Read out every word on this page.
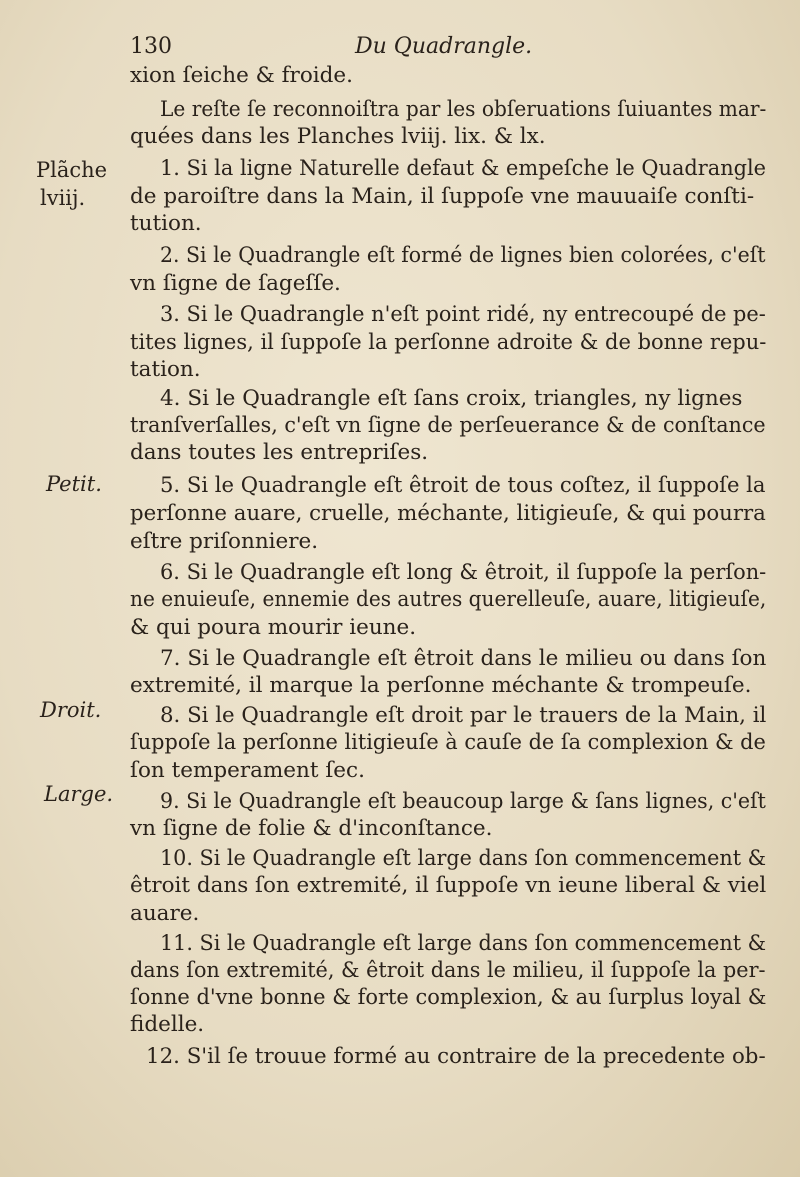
130	Du Quadrangle.
Plãche
lviij.
Petit.
Droit.
Large.
xion ſeiche & froide.
Le reſte ſe reconnoiſtra par les obſeruations ſuiuantes mar-
quées dans les Planches lviij. lix. & lx.
1. Si la ligne Naturelle defaut & empeſche le Quadrangle
de paroiſtre dans la Main, il ſuppoſe vne mauuaiſe conſti-
tution.
2. Si le Quadrangle eſt formé de lignes bien colorées, c'eſt
vn ſigne de ſageſſe.
3. Si le Quadrangle n'eſt point ridé, ny entrecoupé de pe-
tites lignes, il ſuppoſe la perſonne adroite & de bonne repu-
tation.
4. Si le Quadrangle eſt ſans croix, triangles, ny lignes
tranſverſalles, c'eſt vn ſigne de perſeuerance & de conſtance
dans toutes les entrepriſes.
5. Si le Quadrangle eſt êtroit de tous coſtez, il ſuppoſe la
perſonne auare, cruelle, méchante, litigieuſe, & qui pourra
eſtre priſonniere.
6. Si le Quadrangle eſt long & êtroit, il ſuppoſe la perſon-
ne enuieuſe, ennemie des autres querelleuſe, auare, litigieuſe,
& qui poura mourir ieune.
7. Si le Quadrangle eſt êtroit dans le milieu ou dans ſon
extremité, il marque la perſonne méchante & trompeuſe.
8. Si le Quadrangle eſt droit par le trauers de la Main, il
ſuppoſe la perſonne litigieuſe à cauſe de ſa complexion & de
ſon temperament ſec.
9. Si le Quadrangle eſt beaucoup large & ſans lignes, c'eſt
vn ſigne de folie & d'inconſtance.
10. Si le Quadrangle eſt large dans ſon commencement &
êtroit dans ſon extremité, il ſuppoſe vn ieune liberal & viel
auare.
11. Si le Quadrangle eſt large dans ſon commencement &
dans ſon extremité, & êtroit dans le milieu, il ſuppoſe la per-
ſonne d'vne bonne & forte complexion, & au ſurplus loyal &
fidelle.
12. S'il ſe trouue formé au contraire de la precedente ob-
